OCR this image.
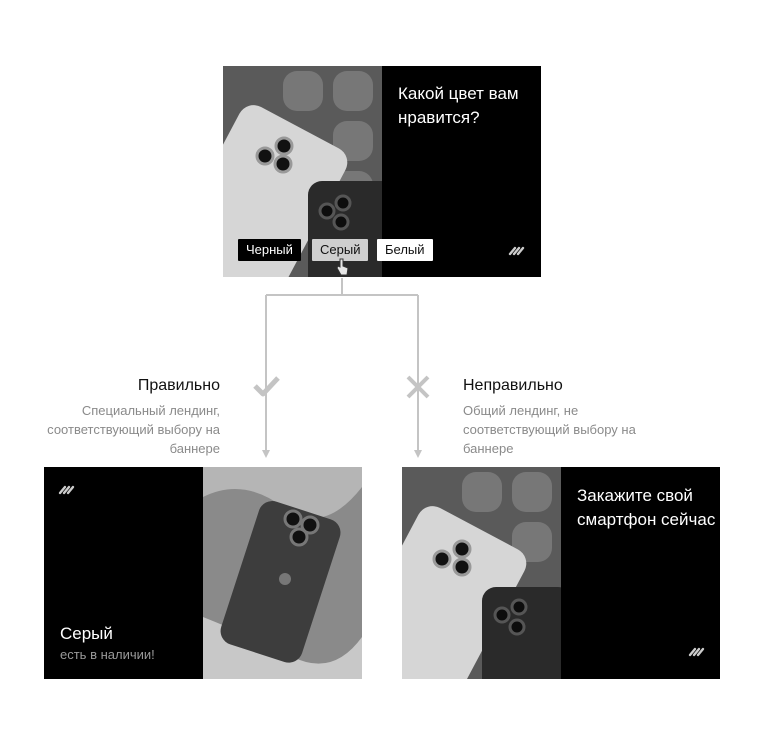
Какой цвет вам нравится?
Черный	Серый	Белый
Правильно
Специальный лендинг, соответствующий выбору на баннере
Неправильно
Общий лендинг, не соответствующий выбору на баннере
Серый
есть в наличии!
Закажите свой смартфон сейчас
